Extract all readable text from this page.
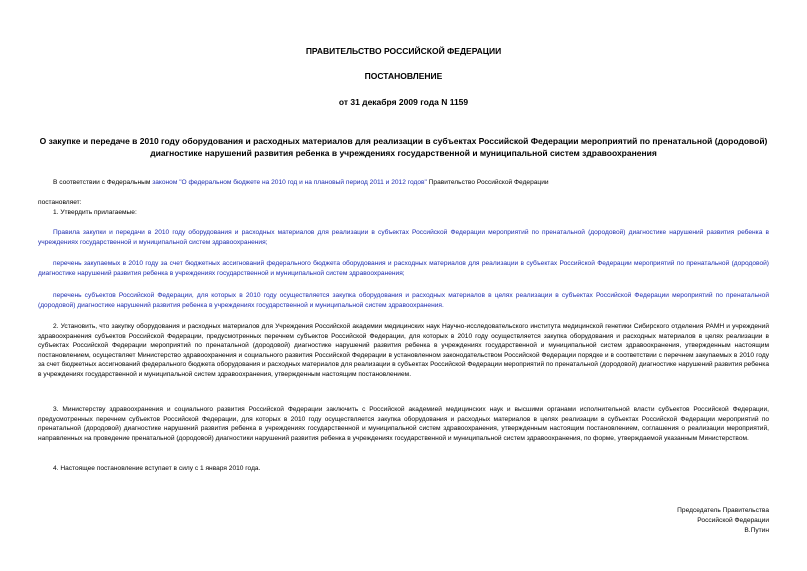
ПРАВИТЕЛЬСТВО РОССИЙСКОЙ ФЕДЕРАЦИИ
ПОСТАНОВЛЕНИЕ
от 31 декабря 2009 года N 1159
О закупке и передаче в 2010 году оборудования и расходных материалов для реализации в субъектах Российской Федерации мероприятий по пренатальной (дородовой) диагностике нарушений развития ребенка в учреждениях государственной и муниципальной систем здравоохранения
В соответствии с Федеральным законом "О федеральном бюджете на 2010 год и на плановый период 2011 и 2012 годов" Правительство Российской Федерации
постановляет:
1. Утвердить прилагаемые:
Правила закупки и передачи в 2010 году оборудования и расходных материалов для реализации в субъектах Российской Федерации мероприятий по пренатальной (дородовой) диагностике нарушений развития ребенка в учреждениях государственной и муниципальной систем здравоохранения;
перечень закупаемых в 2010 году за счет бюджетных ассигнований федерального бюджета оборудования и расходных материалов для реализации в субъектах Российской Федерации мероприятий по пренатальной (дородовой) диагностике нарушений развития ребенка в учреждениях государственной и муниципальной систем здравоохранения;
перечень субъектов Российской Федерации, для которых в 2010 году осуществляется закупка оборудования и расходных материалов в целях реализации в субъектах Российской Федерации мероприятий по пренатальной (дородовой) диагностике нарушений развития ребенка в учреждениях государственной и муниципальной систем здравоохранения.
2. Установить, что закупку оборудования и расходных материалов для Учреждения Российской академии медицинских наук Научно-исследовательского института медицинской генетики Сибирского отделения РАМН и учреждений здравоохранения субъектов Российской Федерации, предусмотренных перечнем субъектов Российской Федерации, для которых в 2010 году осуществляется закупка оборудования и расходных материалов в целях реализации в субъектах Российской Федерации мероприятий по пренатальной (дородовой) диагностике нарушений развития ребенка в учреждениях государственной и муниципальной систем здравоохранения, утвержденным настоящим постановлением, осуществляет Министерство здравоохранения и социального развития Российской Федерации в установленном законодательством Российской Федерации порядке и в соответствии с перечнем закупаемых в 2010 году за счет бюджетных ассигнований федерального бюджета оборудования и расходных материалов для реализации в субъектах Российской Федерации мероприятий по пренатальной (дородовой) диагностике нарушений развития ребенка в учреждениях государственной и муниципальной систем здравоохранения, утвержденным настоящим постановлением.
3. Министерству здравоохранения и социального развития Российской Федерации заключить с Российской академией медицинских наук и высшими органами исполнительной власти субъектов Российской Федерации, предусмотренных перечнем субъектов Российской Федерации, для которых в 2010 году осуществляется закупка оборудования и расходных материалов в целях реализации в субъектах Российской Федерации мероприятий по пренатальной (дородовой) диагностике нарушений развития ребенка в учреждениях государственной и муниципальной систем здравоохранения, утвержденным настоящим постановлением, соглашения о реализации мероприятий, направленных на проведение пренатальной (дородовой) диагностики нарушений развития ребенка в учреждениях государственной и муниципальной систем здравоохранения, по форме, утверждаемой указанным Министерством.
4. Настоящее постановление вступает в силу с 1 января 2010 года.
Председатель Правительства
Российской Федерации
В.Путин
